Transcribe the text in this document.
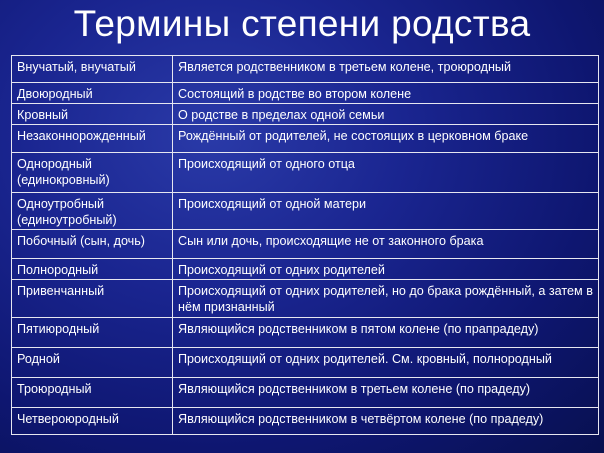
Термины степени родства
Внучатый, внучатый	Является родственником в третьем колене, троюродный
Двоюродный	Состоящий в родстве во втором колене
Кровный	О родстве в пределах одной семьи
Незаконнорожденный	Рождённый от родителей, не состоящих в церковном браке
Однородный (единокровный)	Происходящий от одного отца
Одноутробный (единоутробный)	Происходящий от одной матери
Побочный (сын, дочь)	Сын или дочь, происходящие не от законного брака
Полнородный	Происходящий от одних родителей
Привенчанный	Происходящий от одних родителей, но до брака рождённый, а затем в нём признанный
Пятиюродный	Являющийся родственником в пятом колене (по прапрадеду)
Родной	Происходящий от одних родителей. См. кровный, полнородный
Троюродный	Являющийся родственником в третьем колене (по прадеду)
Четвероюродный	Являющийся родственником в четвёртом колене (по прадеду)
